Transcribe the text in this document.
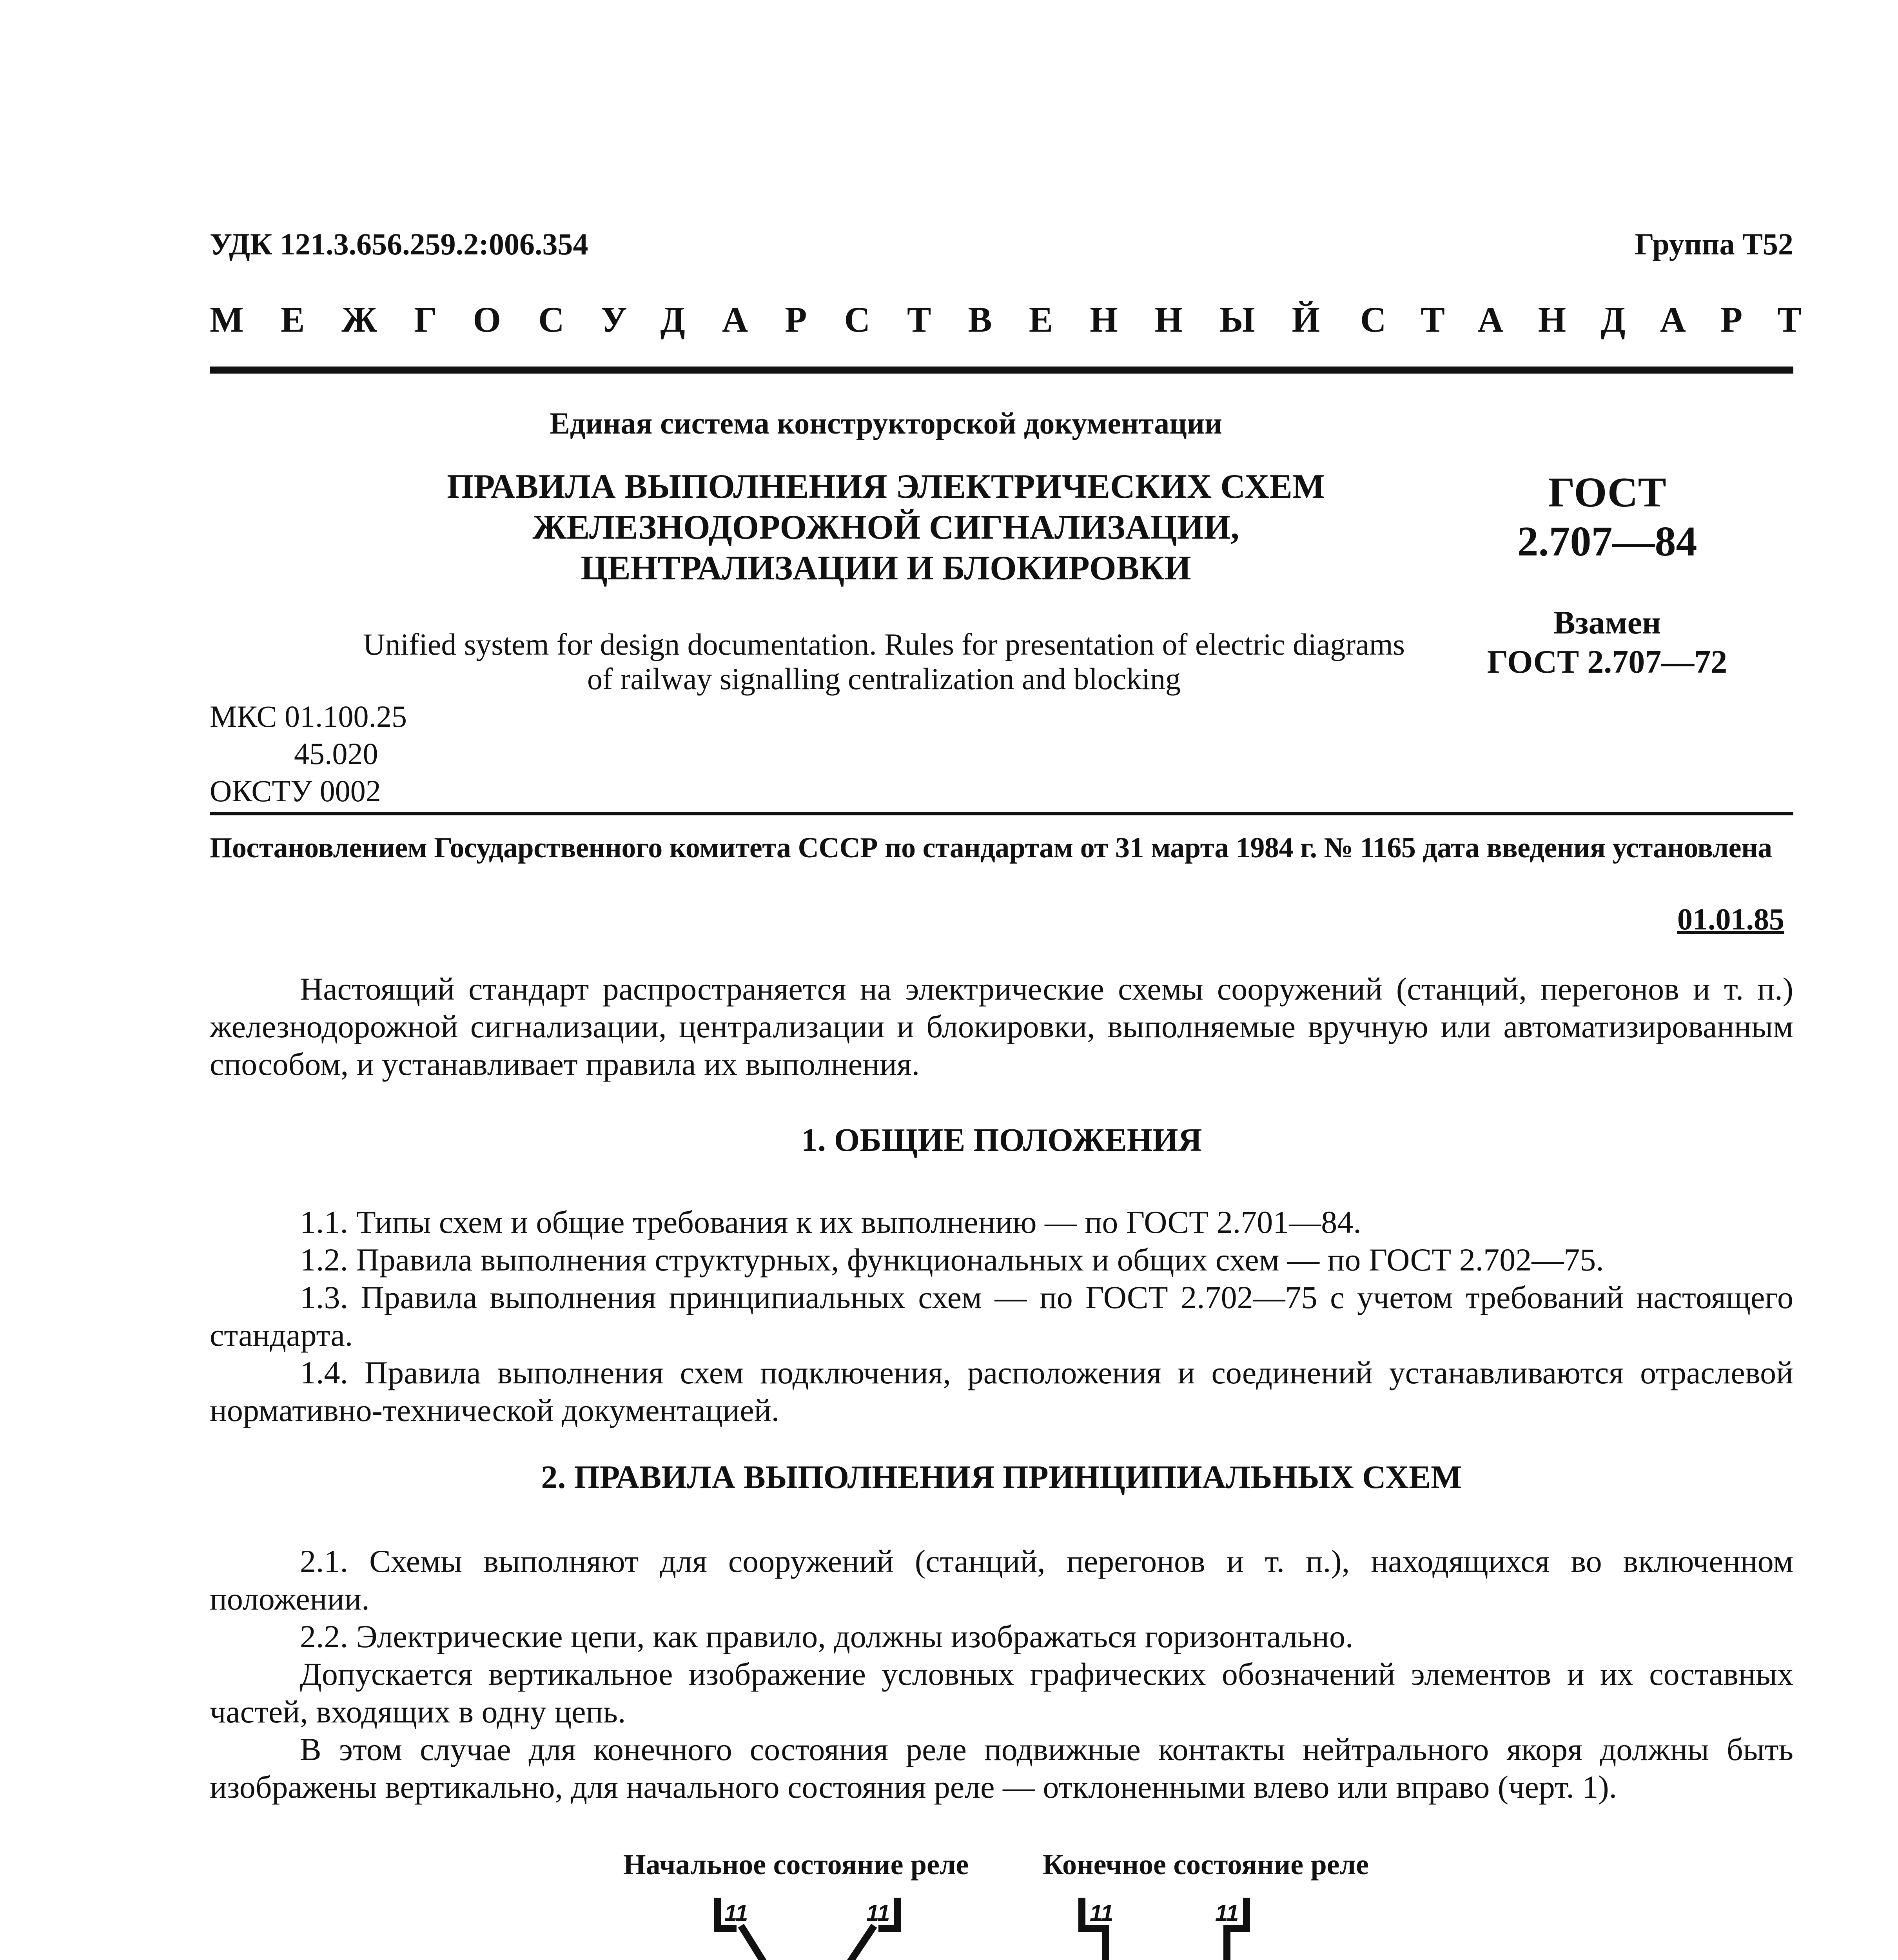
УДК 121.3.656.259.2:006.354	Группа Т52
МЕЖГОСУДАРСТВЕННЫЙ СТАНДАРТ
Единая система конструкторской документации
ПРАВИЛА ВЫПОЛНЕНИЯ ЭЛЕКТРИЧЕСКИХ СХЕМ
ЖЕЛЕЗНОДОРОЖНОЙ СИГНАЛИЗАЦИИ,
ЦЕНТРАЛИЗАЦИИ И БЛОКИРОВКИ
ГОСТ
2.707—84
Взамен
ГОСТ 2.707—72
Unified system for design documentation. Rules for presentation of electric diagrams
of railway signalling centralization and blocking
МКС 01.100.25
45.020
ОКСТУ 0002
Постановлением Государственного комитета СССР по стандартам от 31 марта 1984 г. № 1165 дата введения установлена
01.01.85
Настоящий стандарт распространяется на электрические схемы сооружений (станций, перегонов и т. п.) железнодорожной сигнализации, централизации и блокировки, выполняемые вручную или автоматизированным способом, и устанавливает правила их выполнения.
1. ОБЩИЕ ПОЛОЖЕНИЯ

1.1. Типы схем и общие требования к их выполнению — по ГОСТ 2.701—84.

1.2. Правила выполнения структурных, функциональных и общих схем — по ГОСТ 2.702—75.

1.3. Правила выполнения принципиальных схем — по ГОСТ 2.702—75 с учетом требований настоящего стандарта.

1.4. Правила выполнения схем подключения, расположения и соединений устанавливаются отраслевой нормативно-технической документацией.

2. ПРАВИЛА ВЫПОЛНЕНИЯ ПРИНЦИПИАЛЬНЫХ СХЕМ

2.1. Схемы выполняют для сооружений (станций, перегонов и т. п.), находящихся во включенном положении.

2.2. Электрические цепи, как правило, должны изображаться горизонтально.

Допускается вертикальное изображение условных графических обозначений элементов и их составных частей, входящих в одну цепь.

В этом случае для конечного состояния реле подвижные контакты нейтрального якоря должны быть изображены вертикально, для начального состояния реле — отклоненными влево или вправо (черт. 1).

Начальное состояние реле	Конечное состояние реле
11	11	11	11
